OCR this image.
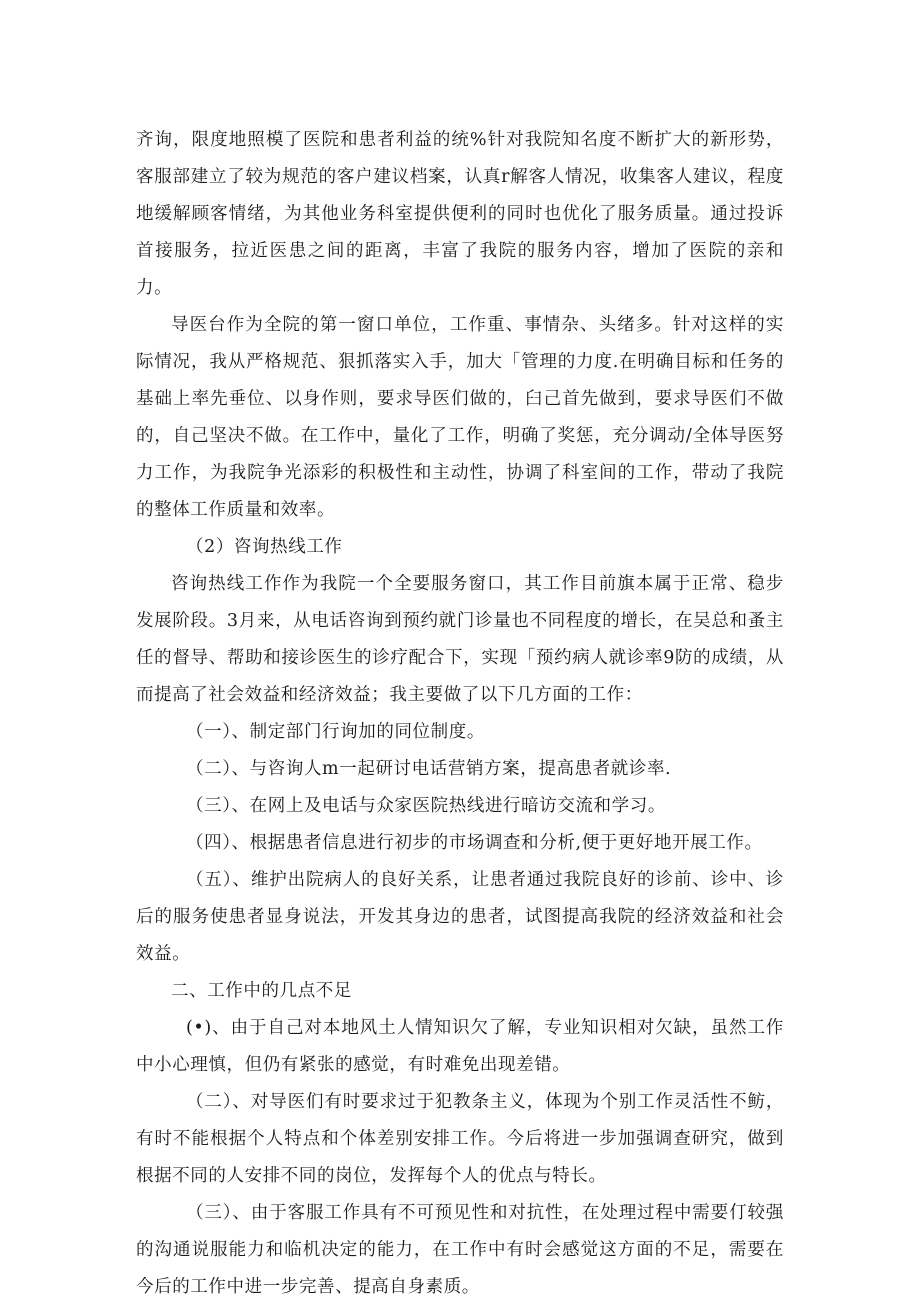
齐询，限度地照模了医院和患者利益的统%针对我院知名度不断扩大的新形势，客服部建立了较为规范的客户建议档案，认真r解客人情况，收集客人建议，程度地缓解顾客情绪，为其他业务科室提供便利的同时也优化了服务质量。通过投诉首接服务，拉近医患之间的距离，丰富了我院的服务内容，增加了医院的亲和力。

导医台作为全院的第一窗口单位，工作重、事情杂、头绪多。针对这样的实际情况，我从严格规范、狠抓落实入手，加大「管理的力度.在明确目标和任务的基础上率先垂位、以身作则，要求导医们做的，臼己首先做到，要求导医们不做的，自己坚决不做。在工作中，量化了工作，明确了奖惩，充分调动/全体导医努力工作，为我院争光添彩的积极性和主动性，协调了科室间的工作，带动了我院的整体工作质量和效率。

（2）咨询热线工作

咨询热线工作作为我院一个全要服务窗口，其工作目前旗本属于正常、稳步发展阶段。3月来，从电话咨询到预约就门诊量也不同程度的增长，在吴总和蚤主任的督导、帮助和接诊医生的诊疗配合下，实现「预约病人就诊率9防的成绩，从而提高了社会效益和经济效益；我主要做了以下几方面的工作：

（一）、制定部门行询加的同位制度。

（二）、与咨询人m一起研讨电话营销方案，提高患者就诊率.

（三）、在网上及电话与众家医院热线进行暗访交流和学习。

（四）、根据患者信息进行初步的市场调查和分析,便于更好地开展工作。

（五）、维护出院病人的良好关系，让患者通过我院良好的诊前、诊中、诊后的服务使患者显身说法，开发其身边的患者，试图提高我院的经济效益和社会效益。

二、工作中的几点不足

(•)、由于自己对本地风土人情知识欠了解，专业知识相对欠缺，虽然工作中小心理慎，但仍有紧张的感觉，有时难免出现差错。

（二）、对导医们有时要求过于犯教条主义，体现为个别工作灵活性不鲂，有时不能根据个人特点和个体差别安排工作。今后将进一步加强调查研究，做到根据不同的人安排不同的岗位，发挥每个人的优点与特长。

（三）、由于客服工作具有不可预见性和对抗性，在处理过程中需要仃较强的沟通说服能力和临机决定的能力，在工作中有时会感觉这方面的不足，需要在今后的工作中进一步完善、提高自身素质。
